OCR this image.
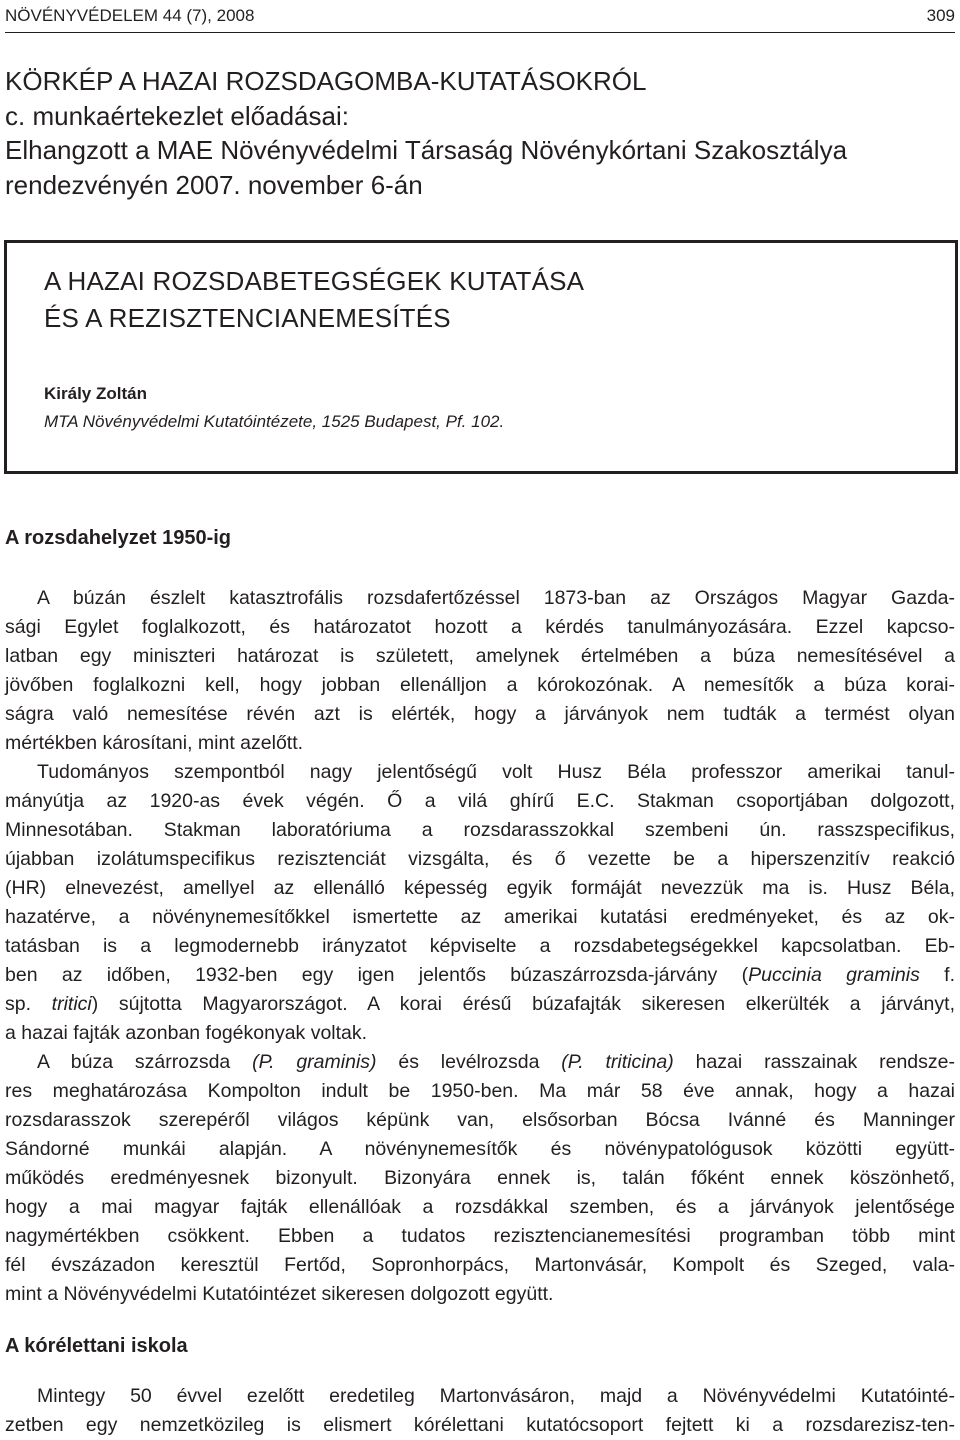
NÖVÉNYVÉDELEM 44 (7), 2008	309
KÖRKÉP A HAZAI ROZSDAGOMBA-KUTATÁSOKRÓL
c. munkaértekezlet előadásai:
Elhangzott a MAE Növényvédelmi Társaság Növénykórtani Szakosztálya
rendezvényén 2007. november 6-án
A HAZAI ROZSDABETEGSÉGEK KUTATÁSA
ÉS A REZISZTENCIANEMESÍTÉS
Király Zoltán
MTA Növényvédelmi Kutatóintézete, 1525 Budapest, Pf. 102.
A rozsdahelyzet 1950-ig
A búzán észlelt katasztrofális rozsdafertőzéssel 1873-ban az Országos Magyar Gazda-
sági Egylet foglalkozott, és határozatot hozott a kérdés tanulmányozására. Ezzel kapcso-
latban egy miniszteri határozat is született, amelynek értelmében a búza nemesítésével a
jövőben foglalkozni kell, hogy jobban ellenálljon a kórokozónak. A nemesítők a búza korai-
ságra való nemesítése révén azt is elérték, hogy a járványok nem tudták a termést olyan
mértékben károsítani, mint azelőtt.
Tudományos szempontból nagy jelentőségű volt Husz Béla professzor amerikai tanul-
mányútja az 1920-as évek végén. Ő a vilá ghírű E.C. Stakman csoportjában dolgozott,
Minnesotában. Stakman laboratóriuma a rozsdarasszokkal szembeni ún. rasszspecifikus,
újabban izolátumspecifikus rezisztenciát vizsgálta, és ő vezette be a hiperszenzitív reakció
(HR) elnevezést, amellyel az ellenálló képesség egyik formáját nevezzük ma is. Husz Béla,
hazatérve, a növénynemesítőkkel ismertette az amerikai kutatási eredményeket, és az ok-
tatásban is a legmodernebb irányzatot képviselte a rozsdabetegségekkel kapcsolatban. Eb-
ben az időben, 1932-ben egy igen jelentős búzaszárrozsda-járvány (Puccinia graminis f.
sp. tritici) sújtotta Magyarországot. A korai érésű búzafajták sikeresen elkerülték a járványt,
a hazai fajták azonban fogékonyak voltak.
A búza szárrozsda (P. graminis) és levélrozsda (P. triticina) hazai rasszainak rendsze-
res meghatározása Kompolton indult be 1950-ben. Ma már 58 éve annak, hogy a hazai
rozsdarasszok szerepéről világos képünk van, elsősorban Bócsa Ivánné és Manninger
Sándorné munkái alapján. A növénynemesítők és növénypatológusok közötti együtt-
működés eredményesnek bizonyult. Bizonyára ennek is, talán főként ennek köszönhető,
hogy a mai magyar fajták ellenállóak a rozsdákkal szemben, és a járványok jelentősége
nagymértékben csökkent. Ebben a tudatos rezisztencianemesítési programban több mint
fél évszázadon keresztül Fertőd, Sopronhorpács, Martonvásár, Kompolt és Szeged, vala-
mint a Növényvédelmi Kutatóintézet sikeresen dolgozott együtt.
A kórélettani iskola
Mintegy 50 évvel ezelőtt eredetileg Martonvásáron, majd a Növényvédelmi Kutatóinté-
zetben egy nemzetközileg is elismert kórélettani kutatócsoport fejtett ki a rozsdarezisz-ten-
